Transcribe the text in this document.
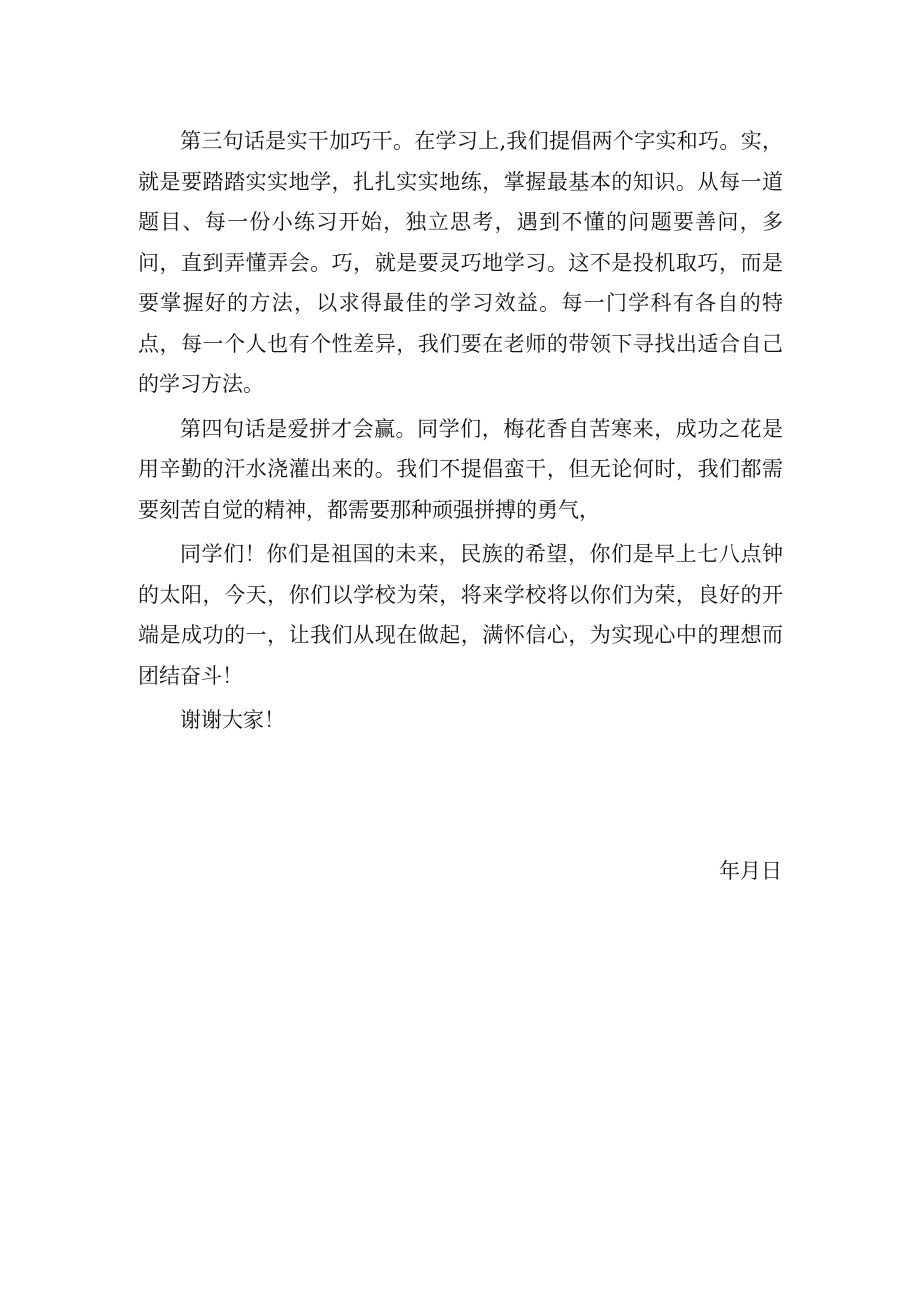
第三句话是实干加巧干。在学习上,我们提倡两个字实和巧。实，就是要踏踏实实地学，扎扎实实地练，掌握最基本的知识。从每一道题目、每一份小练习开始，独立思考，遇到不懂的问题要善问，多问，直到弄懂弄会。巧，就是要灵巧地学习。这不是投机取巧，而是要掌握好的方法，以求得最佳的学习效益。每一门学科有各自的特点，每一个人也有个性差异，我们要在老师的带领下寻找出适合自己的学习方法。

第四句话是爱拼才会赢。同学们，梅花香自苦寒来，成功之花是用辛勤的汗水浇灌出来的。我们不提倡蛮干，但无论何时，我们都需要刻苦自觉的精神，都需要那种顽强拼搏的勇气，

同学们！你们是祖国的未来，民族的希望，你们是早上七八点钟的太阳，今天，你们以学校为荣，将来学校将以你们为荣，良好的开端是成功的一，让我们从现在做起，满怀信心，为实现心中的理想而团结奋斗！

谢谢大家！

年月日
